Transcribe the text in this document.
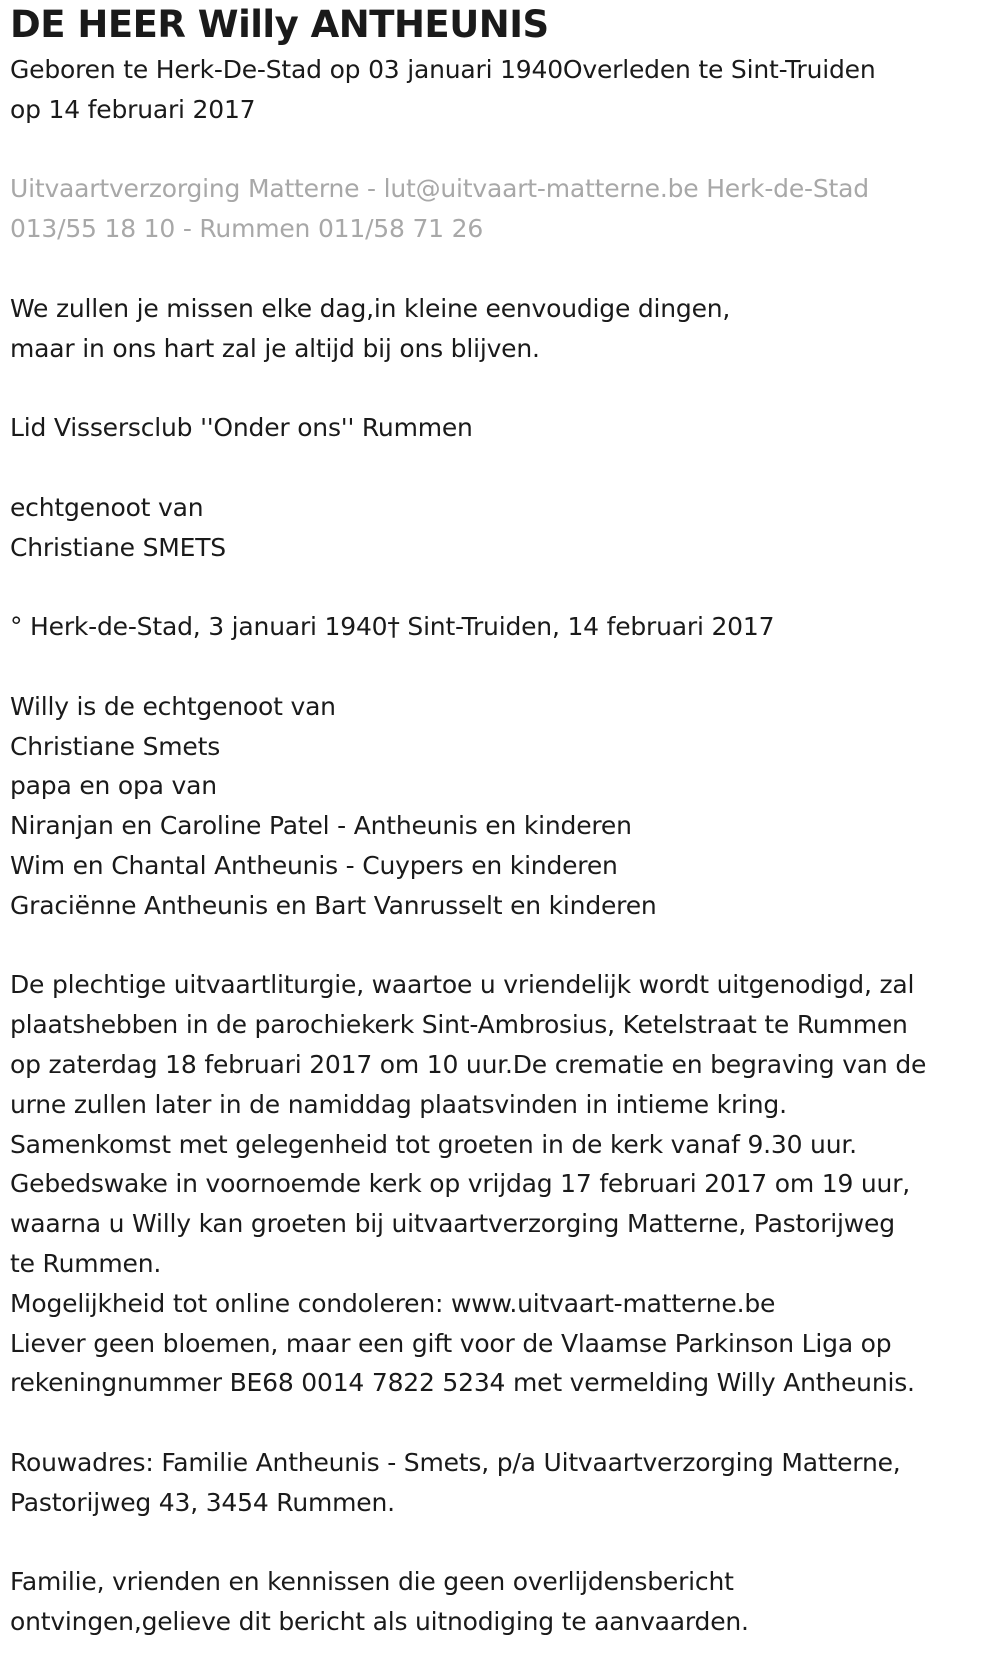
DE HEER Willy ANTHEUNIS
Geboren te Herk-De-Stad op 03 januari 1940Overleden te Sint-Truiden
op 14 februari 2017
Uitvaartverzorging Matterne - lut@uitvaart-matterne.be Herk-de-Stad
013/55 18 10 - Rummen 011/58 71 26
We zullen je missen elke dag,in kleine eenvoudige dingen,
maar in ons hart zal je altijd bij ons blijven.
Lid Vissersclub ''Onder ons'' Rummen
echtgenoot van
Christiane SMETS
° Herk-de-Stad, 3 januari 1940† Sint-Truiden, 14 februari 2017
Willy is de echtgenoot van
Christiane Smets
papa en opa van
Niranjan en Caroline Patel - Antheunis en kinderen
Wim en Chantal Antheunis - Cuypers en kinderen
Graciënne Antheunis en Bart Vanrusselt en kinderen
De plechtige uitvaartliturgie, waartoe u vriendelijk wordt uitgenodigd, zal
plaatshebben in de parochiekerk Sint-Ambrosius, Ketelstraat te Rummen
op zaterdag 18 februari 2017 om 10 uur.De crematie en begraving van de
urne zullen later in de namiddag plaatsvinden in intieme kring.
Samenkomst met gelegenheid tot groeten in de kerk vanaf 9.30 uur.
Gebedswake in voornoemde kerk op vrijdag 17 februari 2017 om 19 uur,
waarna u Willy kan groeten bij uitvaartverzorging Matterne, Pastorijweg
te Rummen.
Mogelijkheid tot online condoleren: www.uitvaart-matterne.be
Liever geen bloemen, maar een gift voor de Vlaamse Parkinson Liga op
rekeningnummer BE68 0014 7822 5234 met vermelding Willy Antheunis.
Rouwadres: Familie Antheunis - Smets, p/a Uitvaartverzorging Matterne,
Pastorijweg 43, 3454 Rummen.
Familie, vrienden en kennissen die geen overlijdensbericht
ontvingen,gelieve dit bericht als uitnodiging te aanvaarden.
